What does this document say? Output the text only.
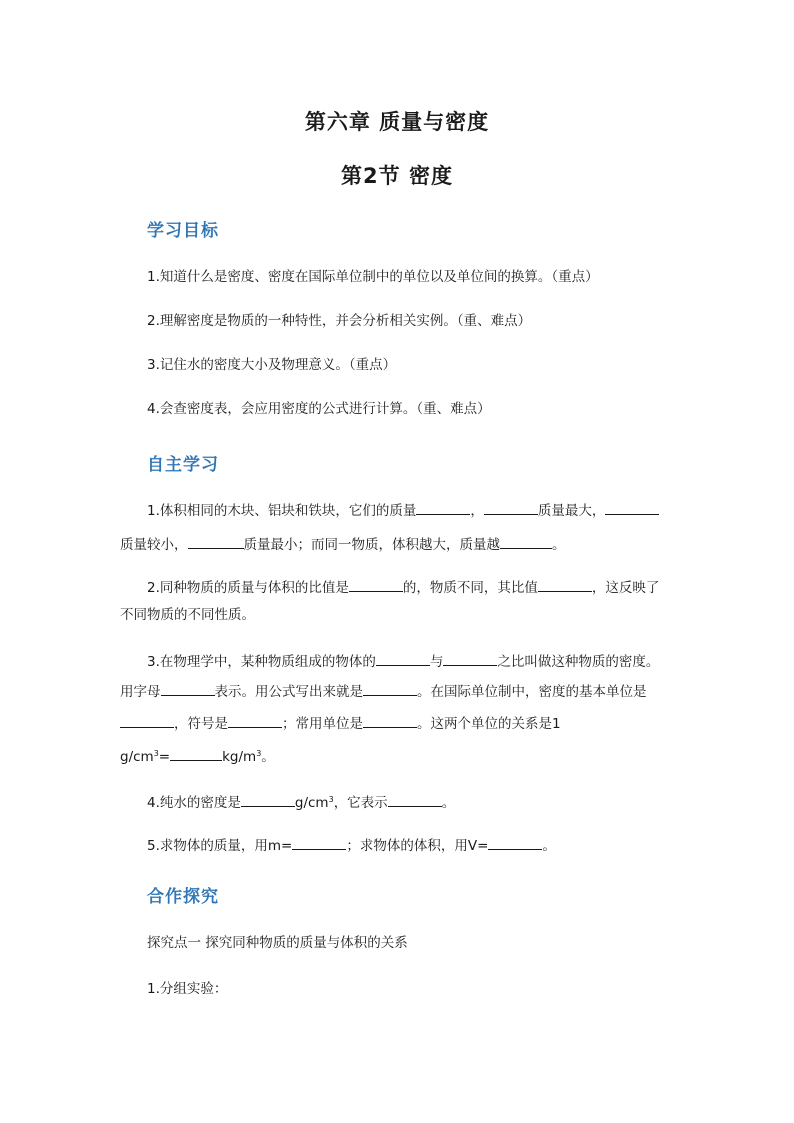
第六章 质量与密度
第2节 密度
学习目标
1.知道什么是密度、密度在国际单位制中的单位以及单位间的换算。（重点）
2.理解密度是物质的一种特性，并会分析相关实例。（重、难点）
3.记住水的密度大小及物理意义。（重点）
4.会查密度表，会应用密度的公式进行计算。（重、难点）
自主学习
1.体积相同的木块、铝块和铁块，它们的质量	，	质量最大，
质量较小，	质量最小；而同一物质，体积越大，质量越	。
2.同种物质的质量与体积的比值是	的，物质不同，其比值	，这反映了
不同物质的不同性质。
3.在物理学中，某种物质组成的物体的	与	之比叫做这种物质的密度。
用字母	表示。用公式写出来就是	。在国际单位制中，密度的基本单位是
，符号是	；常用单位是	。这两个单位的关系是1
$g/cm^3=$	$kg/m^3$。
4.纯水的密度是	$g/cm^3$，它表示	。
5.求物体的质量，用m=	；求物体的体积，用V=	。
合作探究
探究点一 探究同种物质的质量与体积的关系
1.分组实验：
